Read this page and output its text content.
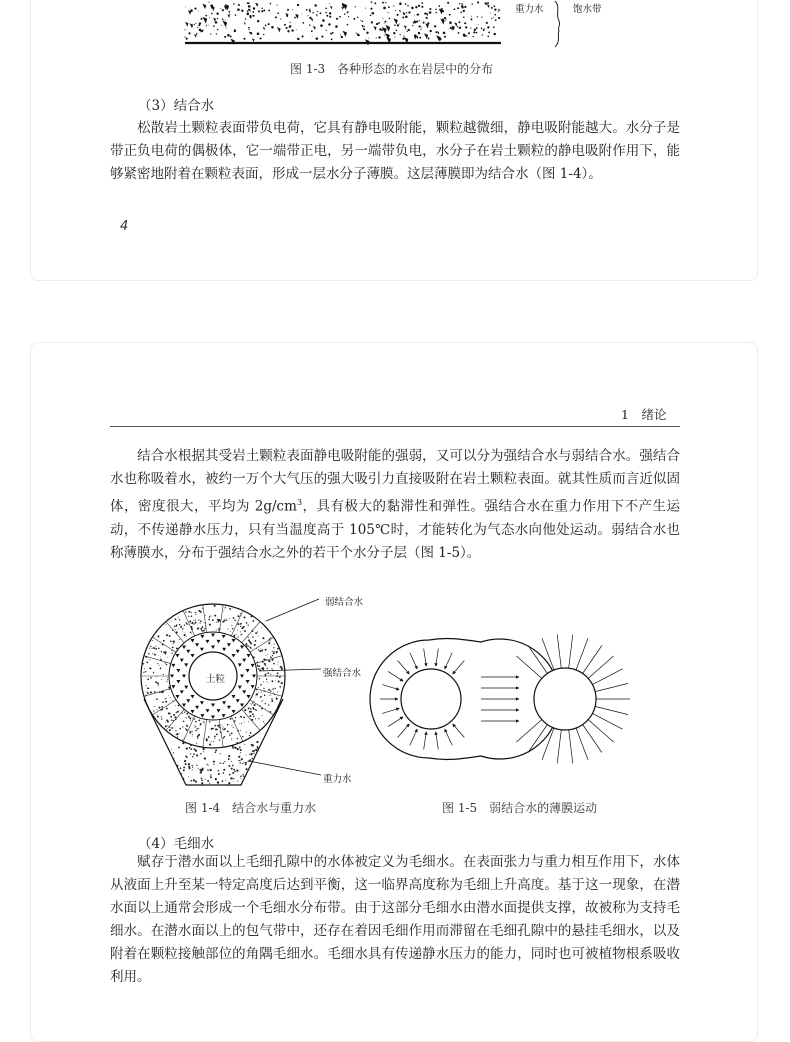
重力水	饱水带
图 1-3　各种形态的水在岩层中的分布
（3）结合水
　　松散岩土颗粒表面带负电荷，它具有静电吸附能，颗粒越微细，静电吸附能越大。水分子是带正负电荷的偶极体，它一端带正电，另一端带负电，水分子在岩土颗粒的静电吸附作用下，能够紧密地附着在颗粒表面，形成一层水分子薄膜。这层薄膜即为结合水（图 1-4）。
4
1　绪论
　　结合水根据其受岩土颗粒表面静电吸附能的强弱，又可以分为强结合水与弱结合水。强结合水也称吸着水，被约一万个大气压的强大吸引力直接吸附在岩土颗粒表面。就其性质而言近似固体，密度很大，平均为 $2g/cm^3$，具有极大的黏滞性和弹性。强结合水在重力作用下不产生运动，不传递静水压力，只有当温度高于 105℃时，才能转化为气态水向他处运动。弱结合水也称薄膜水，分布于强结合水之外的若干个水分子层（图 1-5）。
弱结合水
强结合水
土粒
重力水
图 1-4　结合水与重力水	图 1-5　弱结合水的薄膜运动
（4）毛细水
　　赋存于潜水面以上毛细孔隙中的水体被定义为毛细水。在表面张力与重力相互作用下，水体从液面上升至某一特定高度后达到平衡，这一临界高度称为毛细上升高度。基于这一现象，在潜水面以上通常会形成一个毛细水分布带。由于这部分毛细水由潜水面提供支撑，故被称为支持毛细水。在潜水面以上的包气带中，还存在着因毛细作用而滞留在毛细孔隙中的悬挂毛细水，以及附着在颗粒接触部位的角隅毛细水。毛细水具有传递静水压力的能力，同时也可被植物根系吸收利用。
